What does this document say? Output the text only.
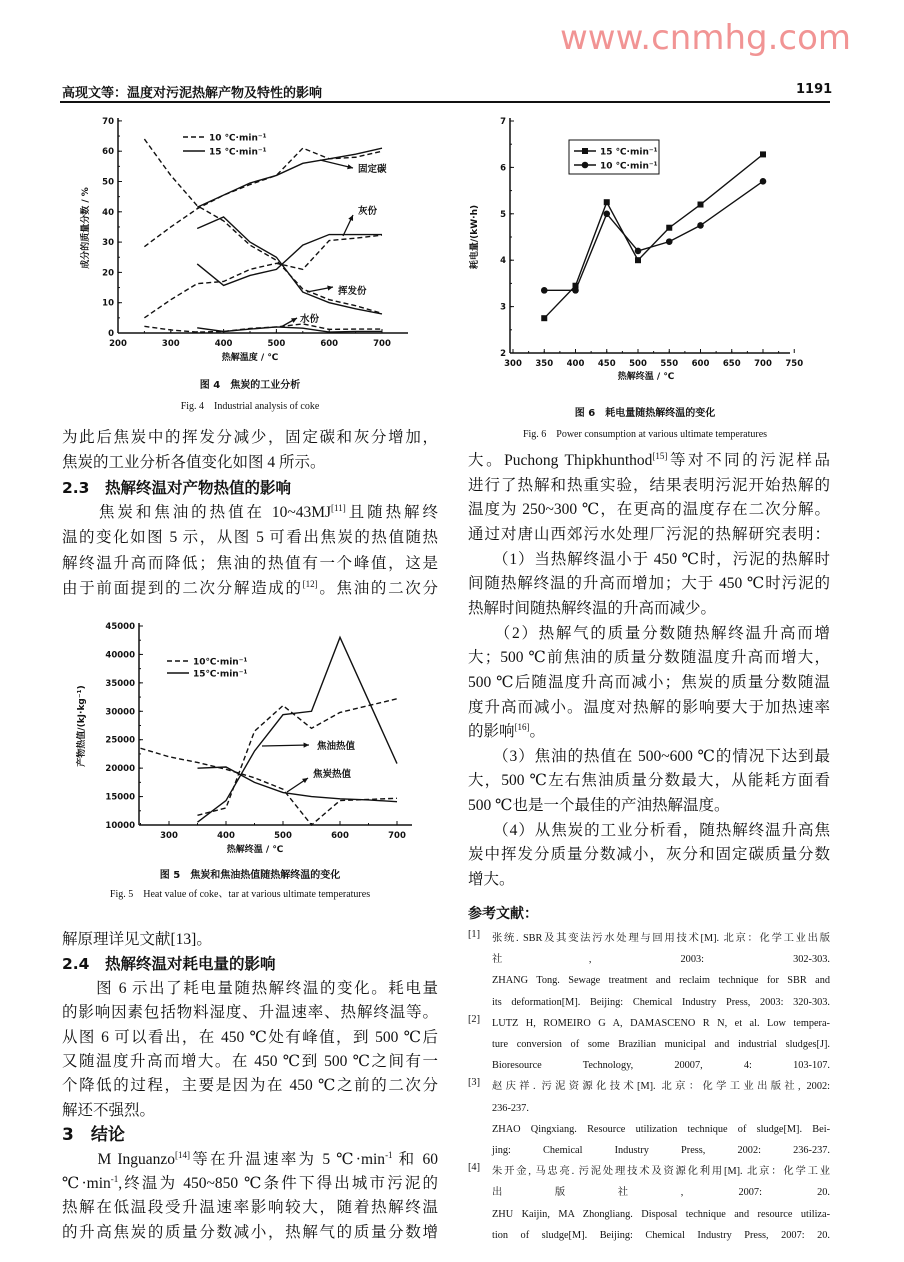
高现文等：温度对污泥热解产物及特性的影响	1191
为此后焦炭中的挥发分减少，固定碳和灰分增加，
焦炭的工业分析各值变化如图 4 所示。
2.3　热解终温对产物热值的影响
　　焦炭和焦油的热值在 10~43MJ[11]且随热解终
温的变化如图 5 示，从图 5 可看出焦炭的热值随热
解终温升高而降低；焦油的热值有一个峰值，这是
由于前面提到的二次分解造成的[12]。焦油的二次分
解原理详见文献[13]。
2.4　热解终温对耗电量的影响
　　图 6 示出了耗电量随热解终温的变化。耗电量
的影响因素包括物料湿度、升温速率、热解终温等。
从图 6 可以看出，在 450 ℃处有峰值，到 500 ℃后
又随温度升高而增大。在 450 ℃到 500 ℃之间有一
个降低的过程，主要是因为在 450 ℃之前的二次分
解还不强烈。
3　结论
　　M Inguanzo[14]等在升温速率为 5 $℃\cdot\min^{-1}$ 和 60
$℃\cdot\min^{-1}$,终温为 450~850 ℃条件下得出城市污泥的
热解在低温段受升温速率影响较大，随着热解终温
的升高焦炭的质量分数减小，热解气的质量分数增
大。Puchong Thipkhunthod[15]等对不同的污泥样品
进行了热解和热重实验，结果表明污泥开始热解的
温度为 250~300 ℃，在更高的温度存在二次分解。
通过对唐山西郊污水处理厂污泥的热解研究表明：
　　（1）当热解终温小于 450 ℃时，污泥的热解时
间随热解终温的升高而增加；大于 450 ℃时污泥的
热解时间随热解终温的升高而减少。
　　（2）热解气的质量分数随热解终温升高而增
大；500 ℃前焦油的质量分数随温度升高而增大，
500 ℃后随温度升高而减小；焦炭的质量分数随温
度升高而减小。温度对热解的影响要大于加热速率
的影响[16]。
　　（3）焦油的热值在 500~600 ℃的情况下达到最
大，500 ℃左右焦油质量分数最大，从能耗方面看
500 ℃也是一个最佳的产油热解温度。
　　（4）从焦炭的工业分析看，随热解终温升高焦
炭中挥发分质量分数减小，灰分和固定碳质量分数
增大。
参考文献：
[1] 张统. SBR及其变法污水处理与回用技术[M]. 北京：化学工业出版
社, 2003: 302-303.
ZHANG Tong. Sewage treatment and reclaim technique for SBR and
its deformation[M]. Beijing: Chemical Industry Press, 2003: 320-303.
[2] LUTZ H, ROMEIRO G A, DAMASCENO R N, et al. Low tempera-
ture conversion of some Brazilian municipal and industrial sludges[J].
Bioresource Technology, 20007, 4: 103-107.
[3] 赵庆祥. 污泥资源化技术[M]. 北京：化学工业出版社, 2002:
236-237.
ZHAO Qingxiang. Resource utilization technique of sludge[M]. Bei-
jing: Chemical Industry Press, 2002: 236-237.
[4] 朱开金, 马忠亮. 污泥处理技术及资源化利用[M]. 北京：化学工业
出版社, 2007: 20.
ZHU Kaijin, MA Zhongliang. Disposal technique and resource utiliza-
tion of sludge[M]. Beijing: Chemical Industry Press, 2007: 20.
图 4　焦炭的工业分析
Fig. 4　Industrial analysis of coke
图 5　焦炭和焦油热值随热解终温的变化
Fig. 5　Heat value of coke、tar at various ultimate temperatures
图 6　耗电量随热解终温的变化
Fig. 6　Power consumption at various ultimate temperatures
0
10
20
30
40
50
60
70
200	300	400	500	600	700
热解温度 / ℃
成分的质量分数 / %
10 ℃·min⁻¹
15 ℃·min⁻¹
固定碳
灰份
挥发份
水份
10000
15000
20000
25000
30000
35000
40000
45000
300	400	500	600	700
热解终温 / ℃
产物热值/(kJ·kg⁻¹)
10℃·min⁻¹
15℃·min⁻¹
焦油热值
焦炭热值
2
3
4
5
6
7
300 350 400 450 500 550 600 650 700 750
热解终温 / ℃
耗电量/(kW·h)
15 ℃·min⁻¹
10 ℃·min⁻¹
www.cnmhg.com
